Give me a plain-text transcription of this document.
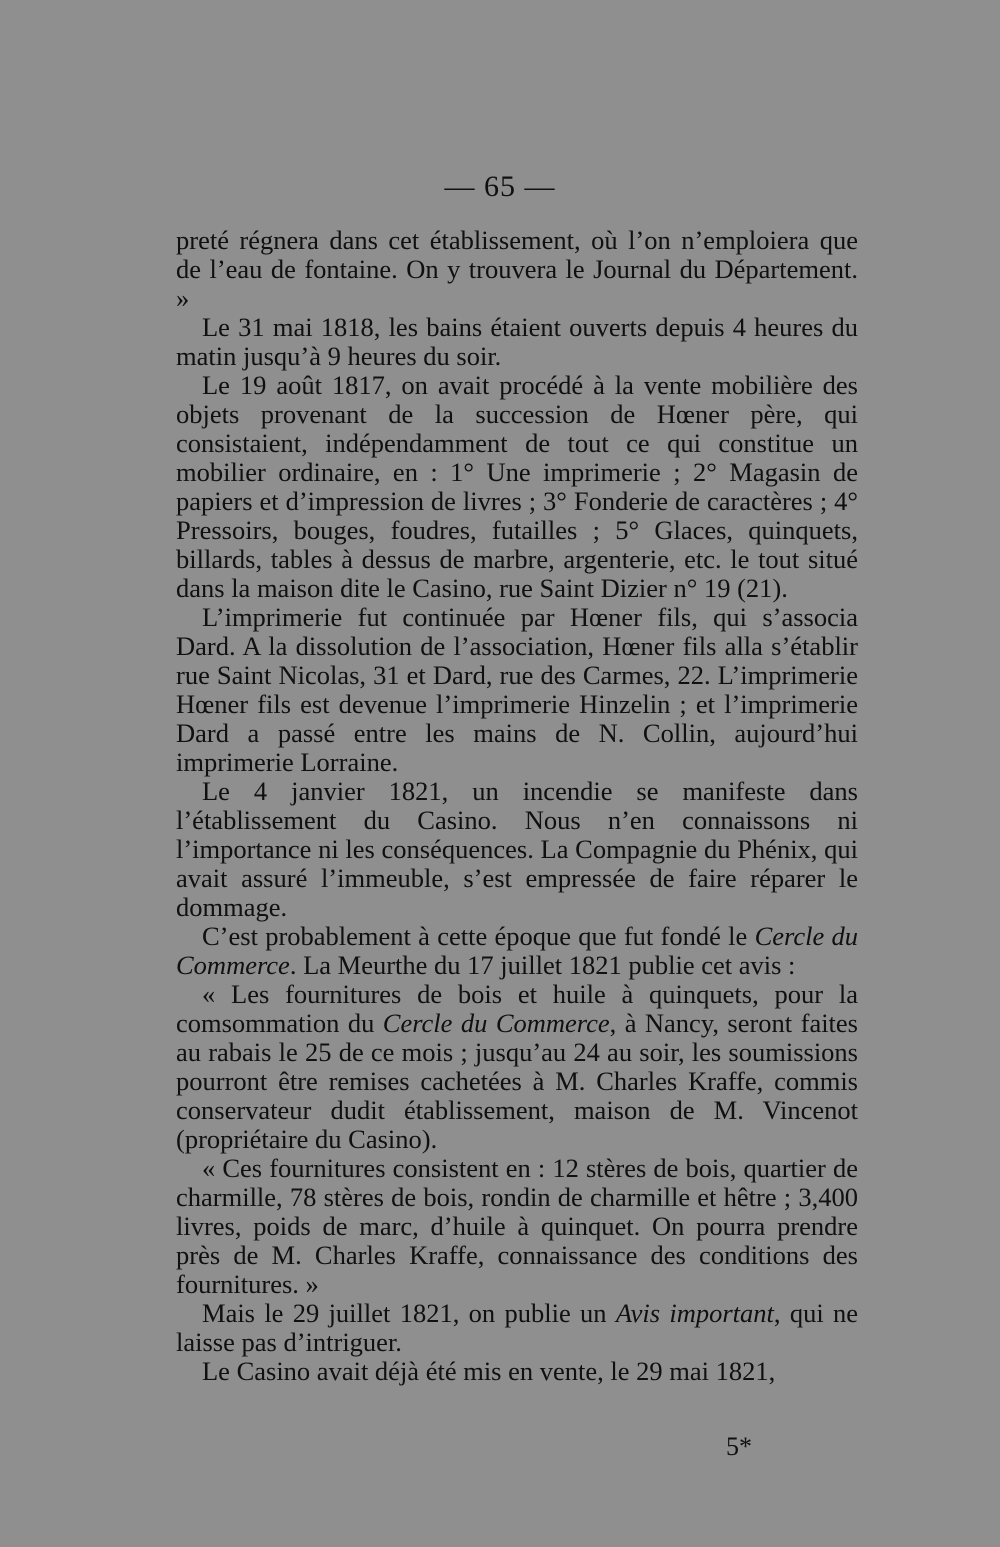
— 65 —

preté régnera dans cet établissement, où l’on n’emploiera que de l’eau de fontaine. On y trouvera le Journal du Département. »

Le 31 mai 1818, les bains étaient ouverts depuis 4 heures du matin jusqu’à 9 heures du soir.

Le 19 août 1817, on avait procédé à la vente mobilière des objets provenant de la succession de Hœner père, qui consistaient, indépendamment de tout ce qui constitue un mobilier ordinaire, en : 1° Une imprimerie ; 2° Magasin de papiers et d’impression de livres ; 3° Fonderie de caractères ; 4° Pressoirs, bouges, foudres, futailles ; 5° Glaces, quinquets, billards, tables à dessus de marbre, argenterie, etc. le tout situé dans la maison dite le Casino, rue Saint Dizier n° 19 (21).

L’imprimerie fut continuée par Hœner fils, qui s’associa Dard. A la dissolution de l’association, Hœner fils alla s’établir rue Saint Nicolas, 31 et Dard, rue des Carmes, 22. L’imprimerie Hœner fils est devenue l’imprimerie Hinzelin ; et l’imprimerie Dard a passé entre les mains de N. Collin, aujourd’hui imprimerie Lorraine.

Le 4 janvier 1821, un incendie se manifeste dans l’établissement du Casino. Nous n’en connaissons ni l’importance ni les conséquences. La Compagnie du Phénix, qui avait assuré l’immeuble, s’est empressée de faire réparer le dommage.

C’est probablement à cette époque que fut fondé le Cercle du Commerce. La Meurthe du 17 juillet 1821 publie cet avis :

« Les fournitures de bois et huile à quinquets, pour la comsommation du Cercle du Commerce, à Nancy, seront faites au rabais le 25 de ce mois ; jusqu’au 24 au soir, les soumissions pourront être remises cachetées à M. Charles Kraffe, commis conservateur dudit établissement, maison de M. Vincenot (propriétaire du Casino).

« Ces fournitures consistent en : 12 stères de bois, quartier de charmille, 78 stères de bois, rondin de charmille et hêtre ; 3,400 livres, poids de marc, d’huile à quinquet. On pourra prendre près de M. Charles Kraffe, connaissance des conditions des fournitures. »

Mais le 29 juillet 1821, on publie un Avis important, qui ne laisse pas d’intriguer.

Le Casino avait déjà été mis en vente, le 29 mai 1821,

5*
